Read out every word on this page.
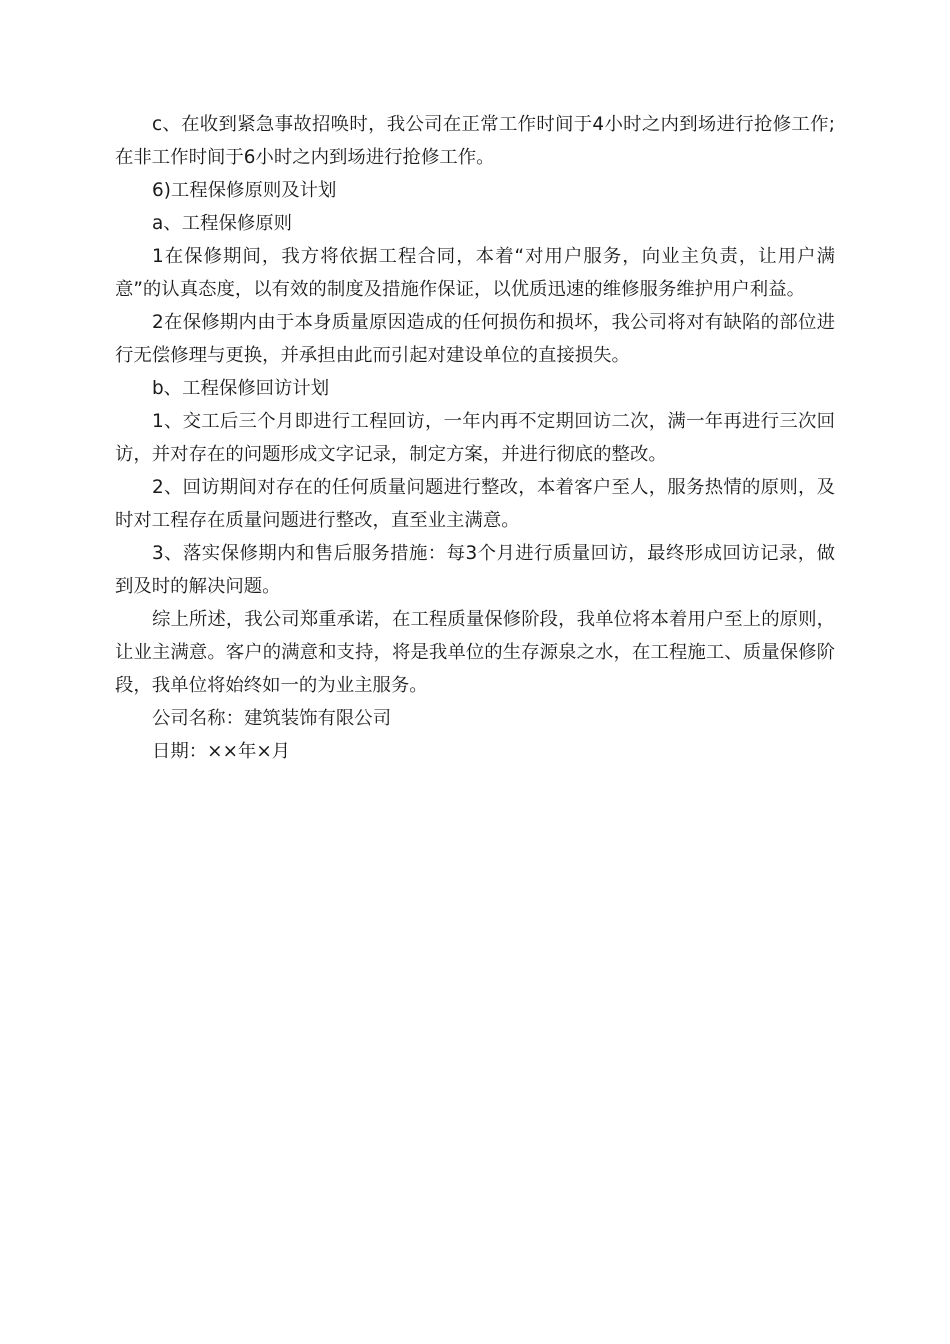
c、在收到紧急事故招唤时，我公司在正常工作时间于4小时之内到场进行抢修工作;在非工作时间于6小时之内到场进行抢修工作。

6)工程保修原则及计划

a、工程保修原则

1在保修期间，我方将依据工程合同，本着“对用户服务，向业主负责，让用户满意”的认真态度，以有效的制度及措施作保证，以优质迅速的维修服务维护用户利益。

2在保修期内由于本身质量原因造成的任何损伤和损坏，我公司将对有缺陷的部位进行无偿修理与更换，并承担由此而引起对建设单位的直接损失。

b、工程保修回访计划

1、交工后三个月即进行工程回访，一年内再不定期回访二次，满一年再进行三次回访，并对存在的问题形成文字记录，制定方案，并进行彻底的整改。

2、回访期间对存在的任何质量问题进行整改，本着客户至人，服务热情的原则，及时对工程存在质量问题进行整改，直至业主满意。

3、落实保修期内和售后服务措施：每3个月进行质量回访，最终形成回访记录，做到及时的解决问题。

综上所述，我公司郑重承诺，在工程质量保修阶段，我单位将本着用户至上的原则，让业主满意。客户的满意和支持，将是我单位的生存源泉之水，在工程施工、质量保修阶段，我单位将始终如一的为业主服务。

公司名称：建筑装饰有限公司

日期：××年×月
